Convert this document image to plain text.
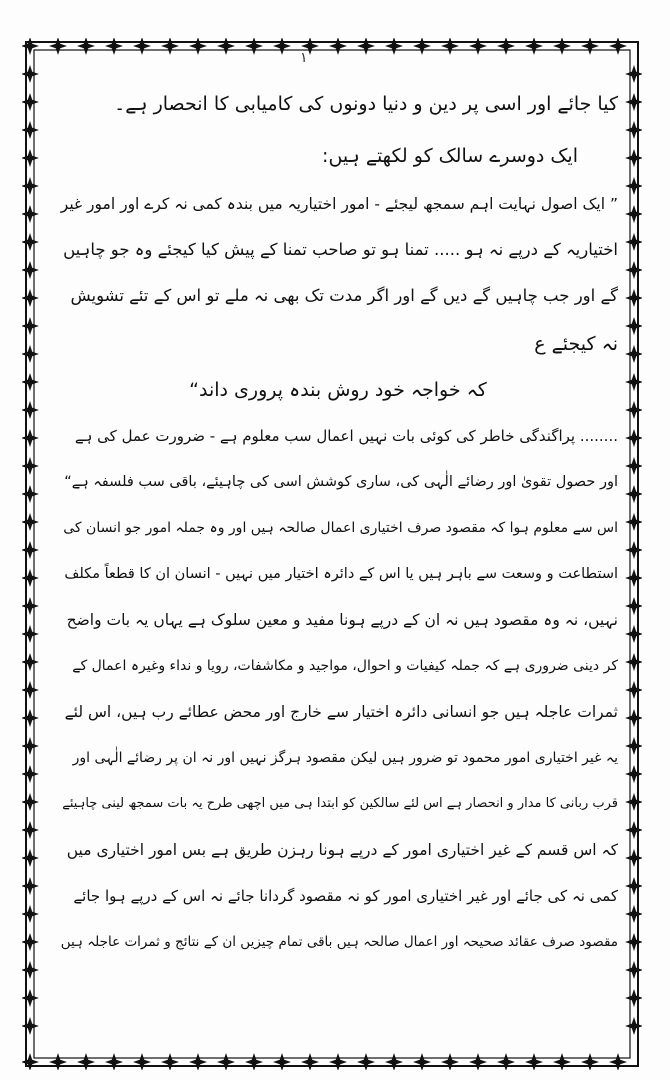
۱
کیا جائے اور اسی پر دین و دنیا دونوں کی کامیابی کا انحصار ہے۔
ایک دوسرے سالک کو لکھتے ہیں:
” ایک اصول نہایت اہم سمجھ لیجئے - امور اختیاریہ میں بندہ کمی نہ کرے اور امور غیر
اختیاریہ کے درپے نہ ہو ..... تمنا ہو تو صاحب تمنا کے پیش کیا کیجئے وہ جو چاہیں
گے اور جب چاہیں گے دیں گے اور اگر مدت تک بھی نہ ملے تو اس کے تئے تشویش
نہ کیجئے ع
کہ خواجہ خود روش بندہ پروری داند“
........ پراگندگی خاطر کی کوئی بات نہیں اعمال سب معلوم ہے - ضرورت عمل کی ہے
اور حصول تقویٰ اور رضائے الٰہی کی، ساری کوشش اسی کی چاہیئے، باقی سب فلسفہ ہے“
اس سے معلوم ہوا کہ مقصود صرف اختیاری اعمال صالحہ ہیں اور وہ جملہ امور جو انسان کی
استطاعت و وسعت سے باہر ہیں یا اس کے دائرہ اختیار میں نہیں - انسان ان کا قطعاً مکلف
نہیں، نہ وہ مقصود ہیں نہ ان کے درپے ہونا مفید و معین سلوک ہے یہاں یہ بات واضح
کر دینی ضروری ہے کہ جملہ کیفیات و احوال، مواجید و مکاشفات، رویا و نداء وغیرہ اعمال کے
ثمرات عاجلہ ہیں جو انسانی دائرہ اختیار سے خارج اور محض عطائے رب ہیں، اس لئے
یہ غیر اختیاری امور محمود تو ضرور ہیں لیکن مقصود ہرگز نہیں اور نہ ان پر رضائے الٰہی اور
قرب ربانی کا مدار و انحصار ہے اس لئے سالکین کو ابتدا ہی میں اچھی طرح یہ بات سمجھ لینی چاہیئے
کہ اس قسم کے غیر اختیاری امور کے درپے ہونا رہزن طریق ہے بس امور اختیاری میں
کمی نہ کی جائے اور غیر اختیاری امور کو نہ مقصود گردانا جائے نہ اس کے درپے ہوا جائے
مقصود صرف عقائد صحیحہ اور اعمال صالحہ ہیں باقی تمام چیزیں ان کے نتائج و ثمرات عاجلہ ہیں
